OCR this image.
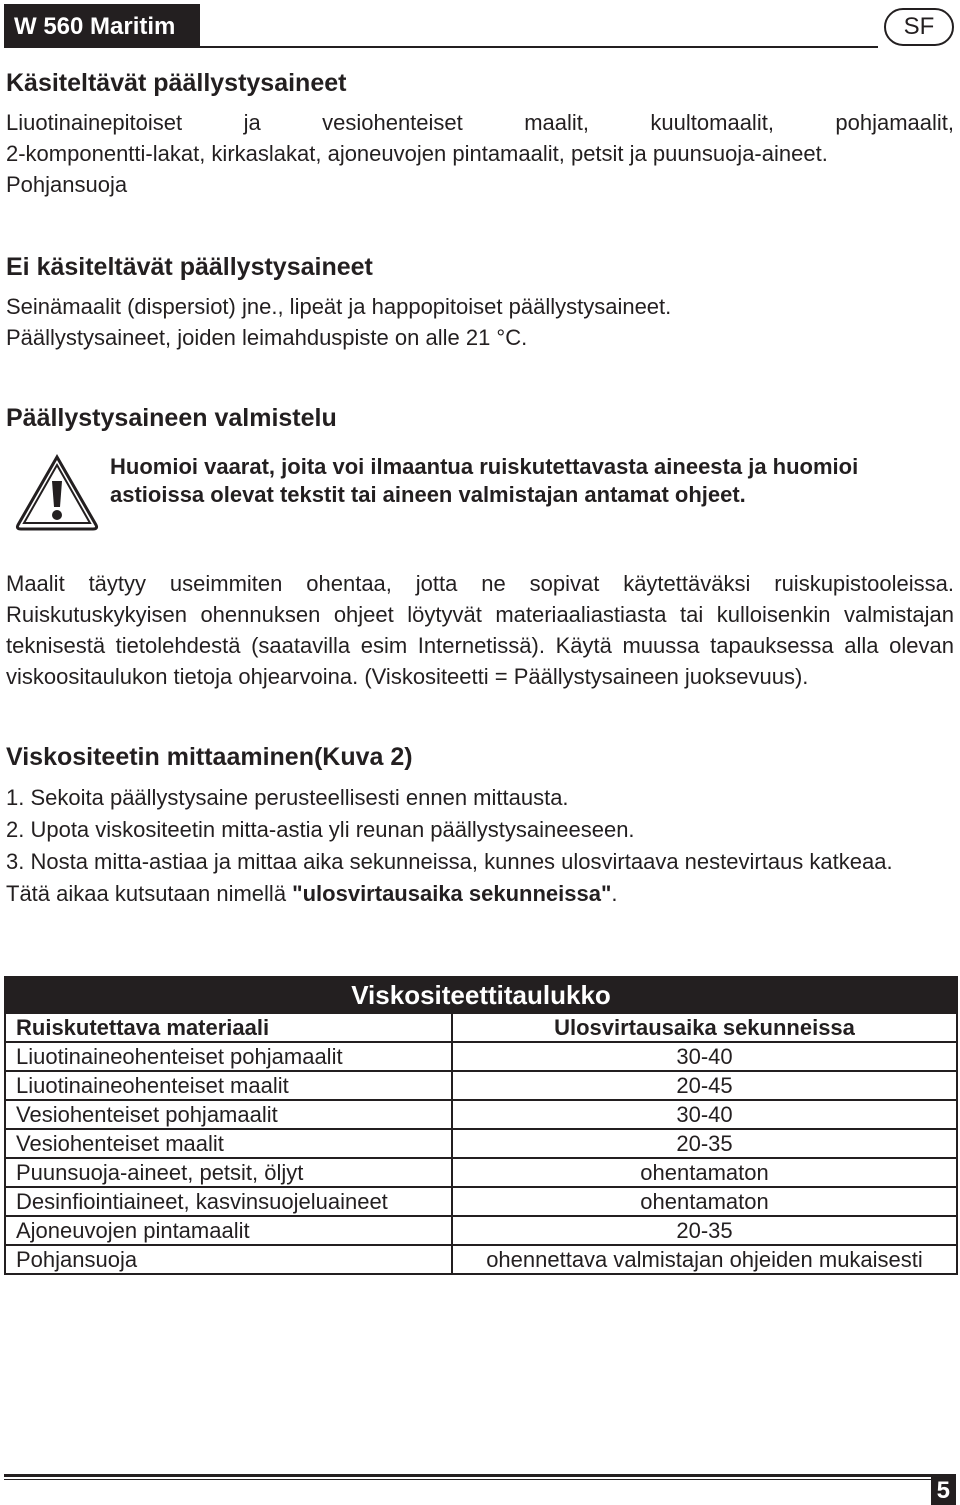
W 560 Maritim	SF

Käsiteltävät päällystysaineet

Liuotinainepitoiset ja vesiohenteiset maalit, kuultomaalit, pohjamaalit,

2-komponentti-lakat, kirkaslakat, ajoneuvojen pintamaalit, petsit ja puunsuoja-aineet.

Pohjansuoja

Ei käsiteltävät päällystysaineet

Seinämaalit (dispersiot) jne., lipeät ja happopitoiset päällystysaineet.

Päällystysaineet, joiden leimahduspiste on alle 21 °C.

Päällystysaineen valmistelu

Huomioi vaarat, joita voi ilmaantua ruiskutettavasta aineesta ja huomioi astioissa olevat tekstit tai aineen valmistajan antamat ohjeet.

Maalit täytyy useimmiten ohentaa, jotta ne sopivat käytettäväksi ruiskupistooleissa. Ruiskutuskykyisen ohennuksen ohjeet löytyvät materiaaliastiasta tai kulloisenkin valmistajan teknisestä tietolehdestä (saatavilla esim Internetissä). Käytä muussa tapauksessa alla olevan viskoositaulukon tietoja ohjearvoina. (Viskositeetti = Päällystysaineen juoksevuus).

Viskositeetin mittaaminen(Kuva 2)

1. Sekoita päällystysaine perusteellisesti ennen mittausta.
2. Upota viskositeetin mitta-astia yli reunan päällystysaineeseen.
3. Nosta mitta-astiaa ja mittaa aika sekunneissa, kunnes ulosvirtaava nestevirtaus katkeaa.

Tätä aikaa kutsutaan nimellä "ulosvirtausaika sekunneissa".

Viskositeettitaulukko	
Ruiskutettava materiaali	Ulosvirtausaika sekunneissa
Liuotinaineohenteiset pohjamaalit	30-40
Liuotinaineohenteiset maalit	20-45
Vesiohenteiset pohjamaalit	30-40
Vesiohenteiset maalit	20-35
Puunsuoja-aineet, petsit, öljyt	ohentamaton
Desinfiointiaineet, kasvinsuojeluaineet	ohentamaton
Ajoneuvojen pintamaalit	20-35
Pohjansuoja	ohennettava valmistajan ohjeiden mukaisesti
5
